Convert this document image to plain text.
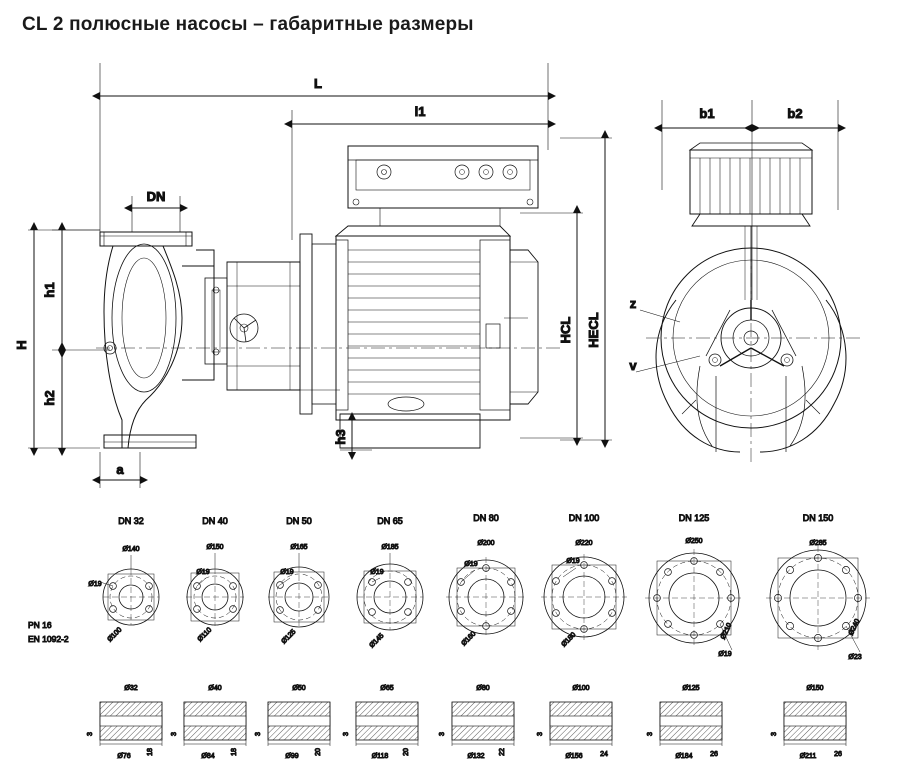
CL 2 полюсные насосы – габаритные размеры
L
l1
H
h1
h2
DN
a
HCL HECL
h3
b1	b2
z
v
PN 16
EN 1092-2
DN 32
Ø140
Ø19
Ø100
DN 40
Ø150
Ø19
Ø110
DN 50
Ø165
Ø19
Ø125
DN 65
Ø185
Ø19
Ø145
DN 80
Ø200
Ø19
Ø160
DN 100
Ø220
Ø19
Ø180
DN 125
Ø250
Ø19
Ø210
DN 150
Ø285
Ø23
Ø240
Ø32
3
Ø76
18
Ø40
3
Ø84
18
Ø50
3
Ø99
20
Ø65
3
Ø118
20
Ø80
3
Ø132
22
Ø100
3
Ø156	24
Ø125
3
Ø184	26
Ø150
3
Ø211	26
